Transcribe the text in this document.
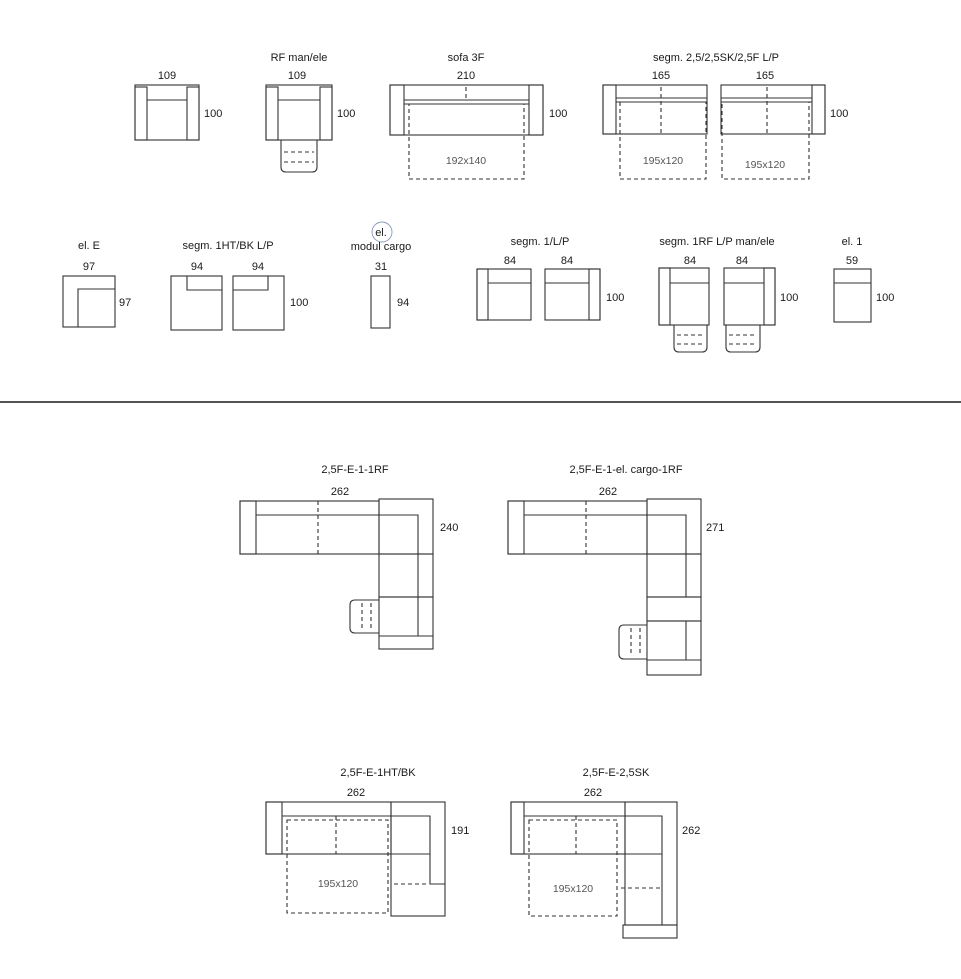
109
100
RF man/ele
109
100
sofa 3F
210
192x140
100
segm. 2,5/2,5SK/2,5F L/P
165	165
195x120	195x120
100
el. E
97
97
segm. 1HT/BK L/P
94	94
100
el.
modul cargo
31
94
segm. 1/L/P
84	84
100
segm. 1RF L/P man/ele
84	84
100
el. 1
59
100
2,5F-E-1-1RF
262
240
2,5F-E-1-el. cargo-1RF
262
271
2,5F-E-1HT/BK
262
195x120
191
2,5F-E-2,5SK
262
195x120
262
